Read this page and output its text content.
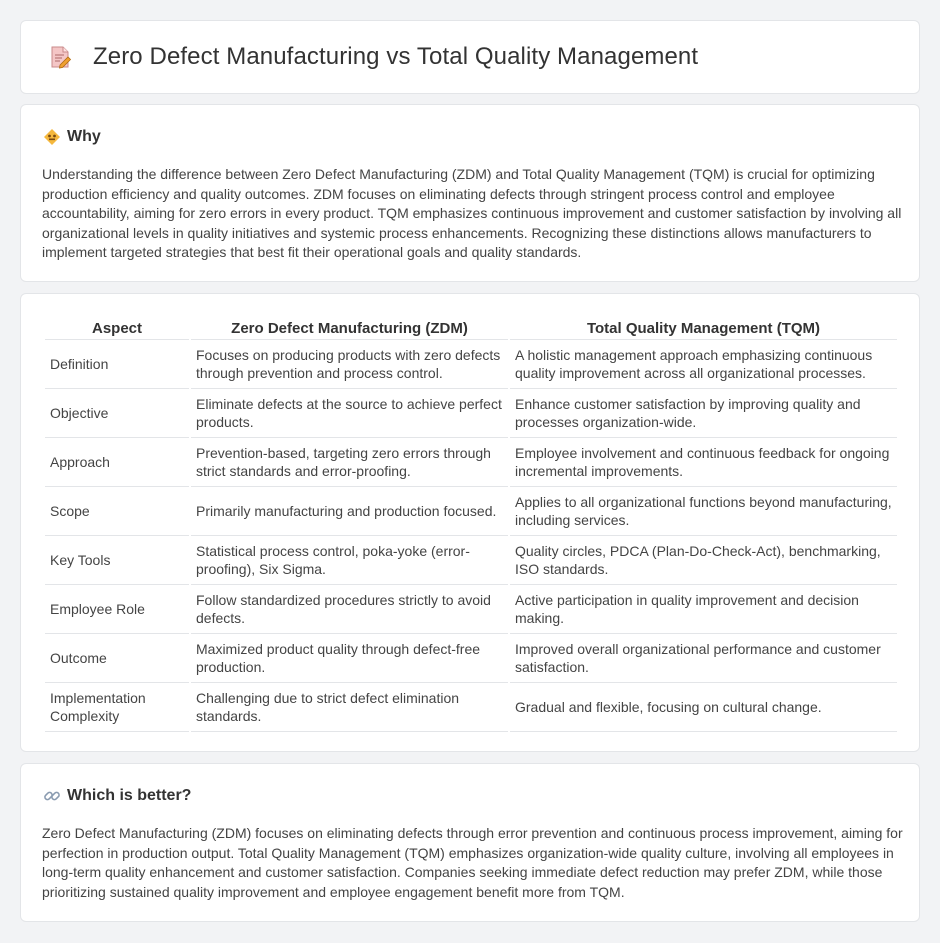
Zero Defect Manufacturing vs Total Quality Management
Why

Understanding the difference between Zero Defect Manufacturing (ZDM) and Total Quality Management (TQM) is crucial for optimizing production efficiency and quality outcomes. ZDM focuses on eliminating defects through stringent process control and employee accountability, aiming for zero errors in every product. TQM emphasizes continuous improvement and customer satisfaction by involving all organizational levels in quality initiatives and systemic process enhancements. Recognizing these distinctions allows manufacturers to implement targeted strategies that best fit their operational goals and quality standards.

Aspect	Zero Defect Manufacturing (ZDM)	Total Quality Management (TQM)
Definition	Focuses on producing products with zero defects through prevention and process control.	A holistic management approach emphasizing continuous quality improvement across all organizational processes.
Objective	Eliminate defects at the source to achieve perfect products.	Enhance customer satisfaction by improving quality and processes organization-wide.
Approach	Prevention-based, targeting zero errors through strict standards and error-proofing.	Employee involvement and continuous feedback for ongoing incremental improvements.
Scope	Primarily manufacturing and production focused.	Applies to all organizational functions beyond manufacturing, including services.
Key Tools	Statistical process control, poka-yoke (error-proofing), Six Sigma.	Quality circles, PDCA (Plan-Do-Check-Act), benchmarking, ISO standards.
Employee Role	Follow standardized procedures strictly to avoid defects.	Active participation in quality improvement and decision making.
Outcome	Maximized product quality through defect-free production.	Improved overall organizational performance and customer satisfaction.
Implementation Complexity	Challenging due to strict defect elimination standards.	Gradual and flexible, focusing on cultural change.
Which is better?

Zero Defect Manufacturing (ZDM) focuses on eliminating defects through error prevention and continuous process improvement, aiming for perfection in production output. Total Quality Management (TQM) emphasizes organization-wide quality culture, involving all employees in long-term quality enhancement and customer satisfaction. Companies seeking immediate defect reduction may prefer ZDM, while those prioritizing sustained quality improvement and employee engagement benefit more from TQM.
